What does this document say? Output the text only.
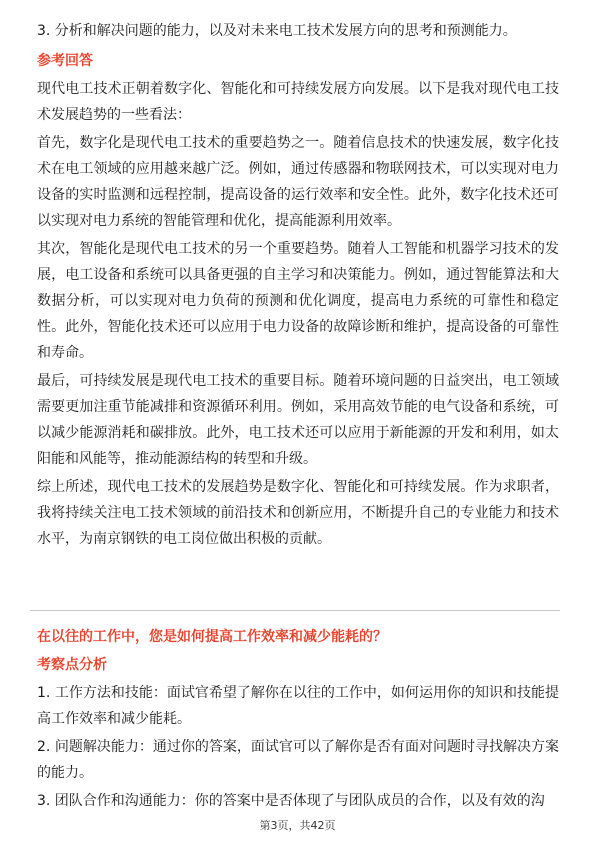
3. 分析和解决问题的能力，以及对未来电工技术发展方向的思考和预测能力。

参考回答

现代电工技术正朝着数字化、智能化和可持续发展方向发展。以下是我对现代电工技术发展趋势的一些看法：

首先，数字化是现代电工技术的重要趋势之一。随着信息技术的快速发展，数字化技术在电工领域的应用越来越广泛。例如，通过传感器和物联网技术，可以实现对电力设备的实时监测和远程控制，提高设备的运行效率和安全性。此外，数字化技术还可以实现对电力系统的智能管理和优化，提高能源利用效率。

其次，智能化是现代电工技术的另一个重要趋势。随着人工智能和机器学习技术的发展，电工设备和系统可以具备更强的自主学习和决策能力。例如，通过智能算法和大数据分析，可以实现对电力负荷的预测和优化调度，提高电力系统的可靠性和稳定性。此外，智能化技术还可以应用于电力设备的故障诊断和维护，提高设备的可靠性和寿命。

最后，可持续发展是现代电工技术的重要目标。随着环境问题的日益突出，电工领域需要更加注重节能减排和资源循环利用。例如，采用高效节能的电气设备和系统，可以减少能源消耗和碳排放。此外，电工技术还可以应用于新能源的开发和利用，如太阳能和风能等，推动能源结构的转型和升级。

综上所述，现代电工技术的发展趋势是数字化、智能化和可持续发展。作为求职者，我将持续关注电工技术领域的前沿技术和创新应用，不断提升自己的专业能力和技术水平，为南京钢铁的电工岗位做出积极的贡献。

在以往的工作中，您是如何提高工作效率和减少能耗的？
考察点分析

1. 工作方法和技能：面试官希望了解你在以往的工作中，如何运用你的知识和技能提高工作效率和减少能耗。

2. 问题解决能力：通过你的答案，面试官可以了解你是否有面对问题时寻找解决方案的能力。

3. 团队合作和沟通能力：你的答案中是否体现了与团队成员的合作，以及有效的沟

第3页，共42页
